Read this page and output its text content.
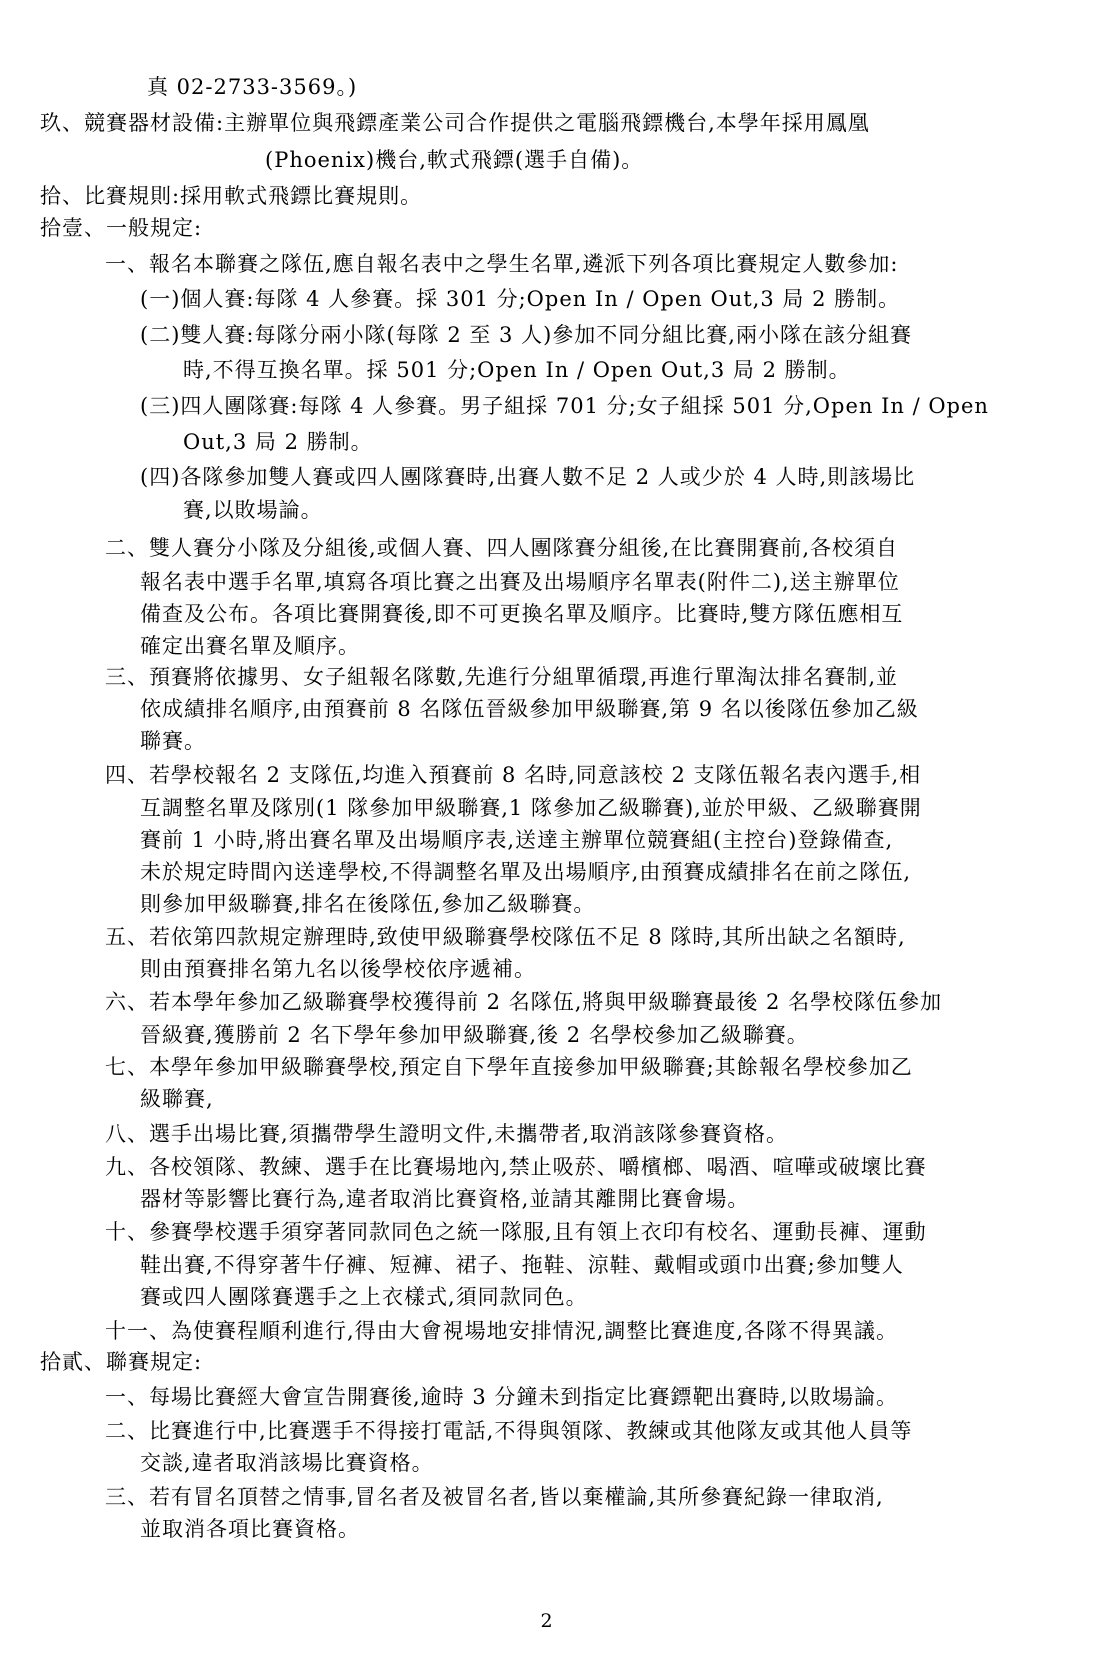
真 02-2733-3569。)
玖、競賽器材設備:主辦單位與飛鏢產業公司合作提供之電腦飛鏢機台,本學年採用鳳凰
(Phoenix)機台,軟式飛鏢(選手自備)。
拾、比賽規則:採用軟式飛鏢比賽規則。
拾壹、一般規定:
一、報名本聯賽之隊伍,應自報名表中之學生名單,遴派下列各項比賽規定人數參加:
(一)個人賽:每隊 4 人參賽。採 301 分;Open In / Open Out,3 局 2 勝制。
(二)雙人賽:每隊分兩小隊(每隊 2 至 3 人)參加不同分組比賽,兩小隊在該分組賽
時,不得互換名單。採 501 分;Open In / Open Out,3 局 2 勝制。
(三)四人團隊賽:每隊 4 人參賽。男子組採 701 分;女子組採 501 分,Open In / Open
Out,3 局 2 勝制。
(四)各隊參加雙人賽或四人團隊賽時,出賽人數不足 2 人或少於 4 人時,則該場比
賽,以敗場論。
二、雙人賽分小隊及分組後,或個人賽、四人團隊賽分組後,在比賽開賽前,各校須自
報名表中選手名單,填寫各項比賽之出賽及出場順序名單表(附件二),送主辦單位
備查及公布。各項比賽開賽後,即不可更換名單及順序。比賽時,雙方隊伍應相互
確定出賽名單及順序。
三、預賽將依據男、女子組報名隊數,先進行分組單循環,再進行單淘汰排名賽制,並
依成績排名順序,由預賽前 8 名隊伍晉級參加甲級聯賽,第 9 名以後隊伍參加乙級
聯賽。
四、若學校報名 2 支隊伍,均進入預賽前 8 名時,同意該校 2 支隊伍報名表內選手,相
互調整名單及隊別(1 隊參加甲級聯賽,1 隊參加乙級聯賽),並於甲級、乙級聯賽開
賽前 1 小時,將出賽名單及出場順序表,送達主辦單位競賽組(主控台)登錄備查,
未於規定時間內送達學校,不得調整名單及出場順序,由預賽成績排名在前之隊伍,
則參加甲級聯賽,排名在後隊伍,參加乙級聯賽。
五、若依第四款規定辦理時,致使甲級聯賽學校隊伍不足 8 隊時,其所出缺之名額時,
則由預賽排名第九名以後學校依序遞補。
六、若本學年參加乙級聯賽學校獲得前 2 名隊伍,將與甲級聯賽最後 2 名學校隊伍參加
晉級賽,獲勝前 2 名下學年參加甲級聯賽,後 2 名學校參加乙級聯賽。
七、本學年參加甲級聯賽學校,預定自下學年直接參加甲級聯賽;其餘報名學校參加乙
級聯賽,
八、選手出場比賽,須攜帶學生證明文件,未攜帶者,取消該隊參賽資格。
九、各校領隊、教練、選手在比賽場地內,禁止吸菸、嚼檳榔、喝酒、喧嘩或破壞比賽
器材等影響比賽行為,違者取消比賽資格,並請其離開比賽會場。
十、參賽學校選手須穿著同款同色之統一隊服,且有領上衣印有校名、運動長褲、運動
鞋出賽,不得穿著牛仔褲、短褲、裙子、拖鞋、涼鞋、戴帽或頭巾出賽;參加雙人
賽或四人團隊賽選手之上衣樣式,須同款同色。
十一、為使賽程順利進行,得由大會視場地安排情況,調整比賽進度,各隊不得異議。
拾貳、聯賽規定:
一、每場比賽經大會宣告開賽後,逾時 3 分鐘未到指定比賽鏢靶出賽時,以敗場論。
二、比賽進行中,比賽選手不得接打電話,不得與領隊、教練或其他隊友或其他人員等
交談,違者取消該場比賽資格。
三、若有冒名頂替之情事,冒名者及被冒名者,皆以棄權論,其所參賽紀錄一律取消,
並取消各項比賽資格。
2
